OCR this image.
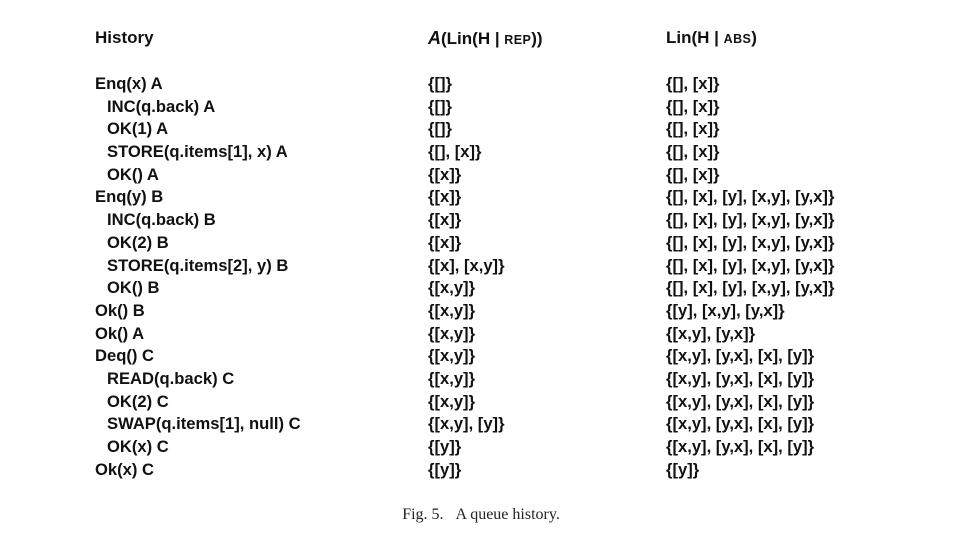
History	A(Lin(H | REP))	Lin(H | ABS)
Enq(x) A	{[]}	{[], [x]}
INC(q.back) A	{[]}	{[], [x]}
OK(1) A	{[]}	{[], [x]}
STORE(q.items[1], x) A	{[], [x]}	{[], [x]}
OK() A	{[x]}	{[], [x]}
Enq(y) B	{[x]}	{[], [x], [y], [x,y], [y,x]}
INC(q.back) B	{[x]}	{[], [x], [y], [x,y], [y,x]}
OK(2) B	{[x]}	{[], [x], [y], [x,y], [y,x]}
STORE(q.items[2], y) B	{[x], [x,y]}	{[], [x], [y], [x,y], [y,x]}
OK() B	{[x,y]}	{[], [x], [y], [x,y], [y,x]}
Ok() B	{[x,y]}	{[y], [x,y], [y,x]}
Ok() A	{[x,y]}	{[x,y], [y,x]}
Deq() C	{[x,y]}	{[x,y], [y,x], [x], [y]}
READ(q.back) C	{[x,y]}	{[x,y], [y,x], [x], [y]}
OK(2) C	{[x,y]}	{[x,y], [y,x], [x], [y]}
SWAP(q.items[1], null) C	{[x,y], [y]}	{[x,y], [y,x], [x], [y]}
OK(x) C	{[y]}	{[x,y], [y,x], [x], [y]}
Ok(x) C	{[y]}	{[y]}
Fig. 5. A queue history.
